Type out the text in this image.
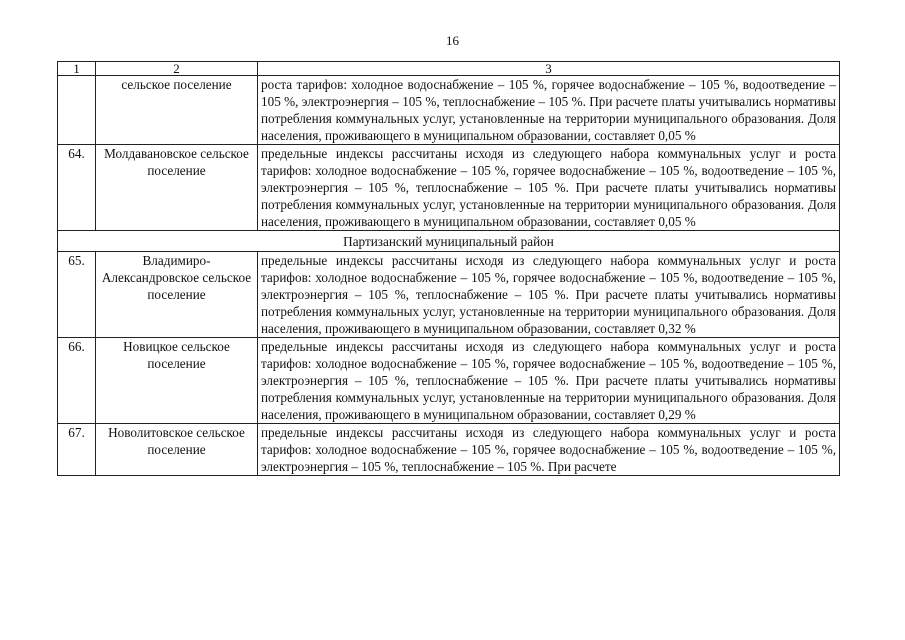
16
1	2	3
	сельское поселение	роста тарифов: холодное водоснабжение – 105 %, горячее водоснабжение – 105 %, водоотведение – 105 %, электроэнергия – 105 %, теплоснабжение – 105 %. При расчете платы учитывались нормативы потребления коммунальных услуг, установленные на территории муниципального образования. Доля населения, проживающего в муниципальном образовании, составляет 0,05 %
64.	Молдавановское сельское поселение	предельные индексы рассчитаны исходя из следующего набора коммунальных услуг и роста тарифов: холодное водоснабжение – 105 %, горячее водоснабжение – 105 %, водоотведение – 105 %, электроэнергия – 105 %, теплоснабжение – 105 %. При расчете платы учитывались нормативы потребления коммунальных услуг, установленные на территории муниципального образования. Доля населения, проживающего в муниципальном образовании, составляет 0,05 %
Партизанский муниципальный район		
65.	Владимиро-Александровское сельское поселение	предельные индексы рассчитаны исходя из следующего набора коммунальных услуг и роста тарифов: холодное водоснабжение – 105 %, горячее водоснабжение – 105 %, водоотведение – 105 %, электроэнергия – 105 %, теплоснабжение – 105 %. При расчете платы учитывались нормативы потребления коммунальных услуг, установленные на территории муниципального образования. Доля населения, проживающего в муниципальном образовании, составляет 0,32 %
66.	Новицкое сельское поселение	предельные индексы рассчитаны исходя из следующего набора коммунальных услуг и роста тарифов: холодное водоснабжение – 105 %, горячее водоснабжение – 105 %, водоотведение – 105 %, электроэнергия – 105 %, теплоснабжение – 105 %. При расчете платы учитывались нормативы потребления коммунальных услуг, установленные на территории муниципального образования. Доля населения, проживающего в муниципальном образовании, составляет 0,29 %
67.	Новолитовское сельское поселение	предельные индексы рассчитаны исходя из следующего набора коммунальных услуг и роста тарифов: холодное водоснабжение – 105 %, горячее водоснабжение – 105 %, водоотведение – 105 %, электроэнергия – 105 %, теплоснабжение – 105 %. При расчете
